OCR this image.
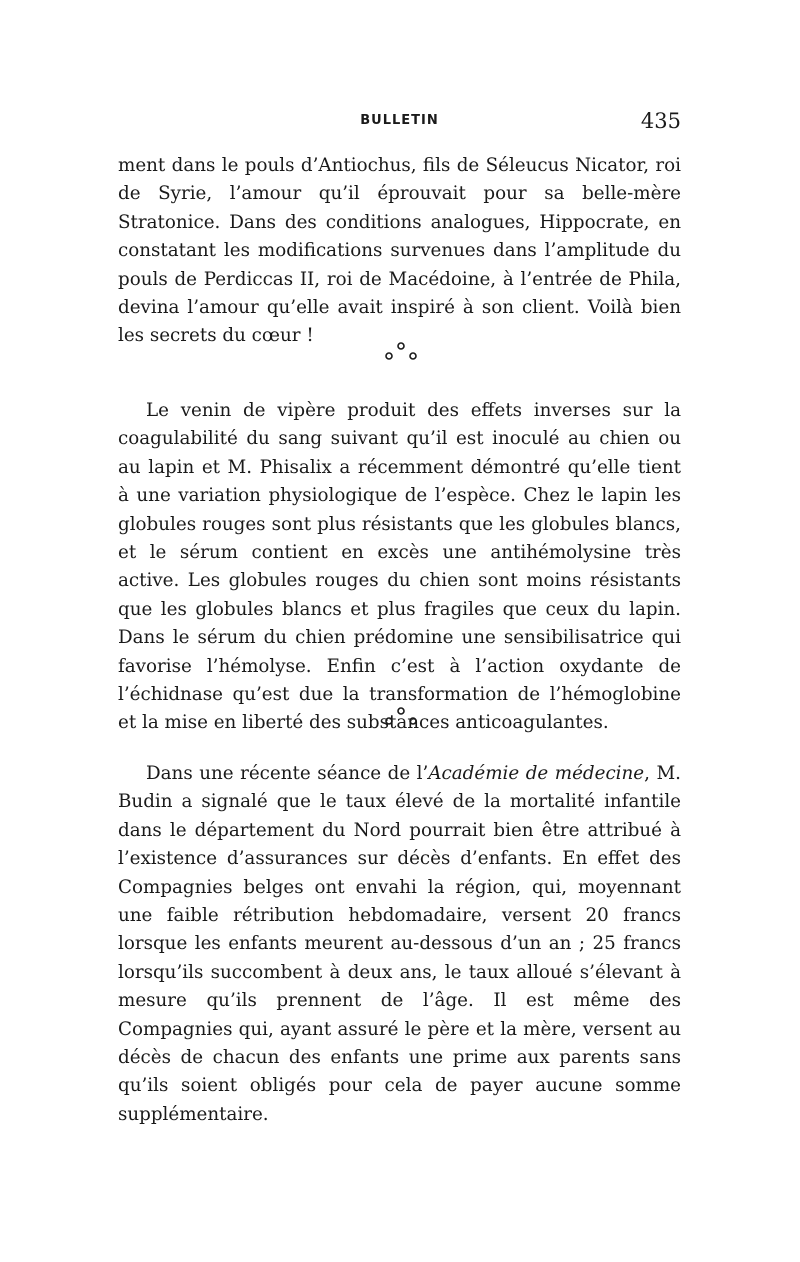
BULLETIN	435

ment dans le pouls d’Antiochus, fils de Séleucus Nicator, roi de Syrie, l’amour qu’il éprouvait pour sa belle-mère Stratonice. Dans des conditions analogues, Hippocrate, en constatant les modifications survenues dans l’amplitude du pouls de Perdiccas II, roi de Macédoine, à l’entrée de Phila, devina l’amour qu’elle avait inspiré à son client. Voilà bien les secrets du cœur !

Le venin de vipère produit des effets inverses sur la coagulabilité du sang suivant qu’il est inoculé au chien ou au lapin et M. Phisalix a récemment démontré qu’elle tient à une variation physiologique de l’espèce. Chez le lapin les globules rouges sont plus résistants que les globules blancs, et le sérum contient en excès une antihémolysine très active. Les globules rouges du chien sont moins résistants que les globules blancs et plus fragiles que ceux du lapin. Dans le sérum du chien prédomine une sensibilisatrice qui favorise l’hémolyse. Enfin c’est à l’action oxydante de l’échidnase qu’est due la transformation de l’hémoglobine et la mise en liberté des substances anticoagulantes.

Dans une récente séance de l’Académie de médecine, M. Budin a signalé que le taux élevé de la mortalité infantile dans le département du Nord pourrait bien être attribué à l’existence d’assurances sur décès d’enfants. En effet des Compagnies belges ont envahi la région, qui, moyennant une faible rétribution hebdomadaire, versent 20 francs lorsque les enfants meurent au-dessous d’un an ; 25 francs lorsqu’ils succombent à deux ans, le taux alloué s’élevant à mesure qu’ils prennent de l’âge. Il est même des Compagnies qui, ayant assuré le père et la mère, versent au décès de chacun des enfants une prime aux parents sans qu’ils soient obligés pour cela de payer aucune somme supplémentaire.
